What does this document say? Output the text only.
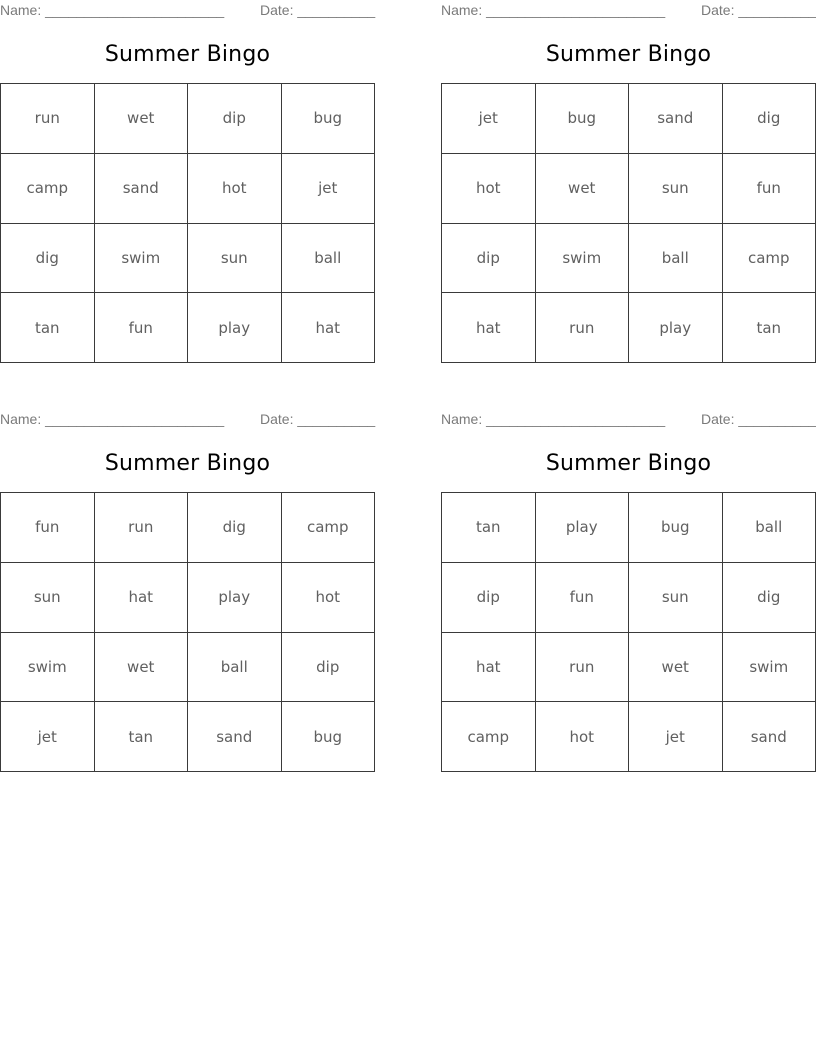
Name: _______________________	Date: __________
Summer Bingo
run	wet	dip	bug
camp	sand	hot	jet
dig	swim	sun	ball
tan	fun	play	hat
Name: _______________________	Date: __________
Summer Bingo
jet	bug	sand	dig
hot	wet	sun	fun
dip	swim	ball	camp
hat	run	play	tan
Name: _______________________	Date: __________
Summer Bingo
fun	run	dig	camp
sun	hat	play	hot
swim	wet	ball	dip
jet	tan	sand	bug
Name: _______________________	Date: __________
Summer Bingo
tan	play	bug	ball
dip	fun	sun	dig
hat	run	wet	swim
camp	hot	jet	sand
